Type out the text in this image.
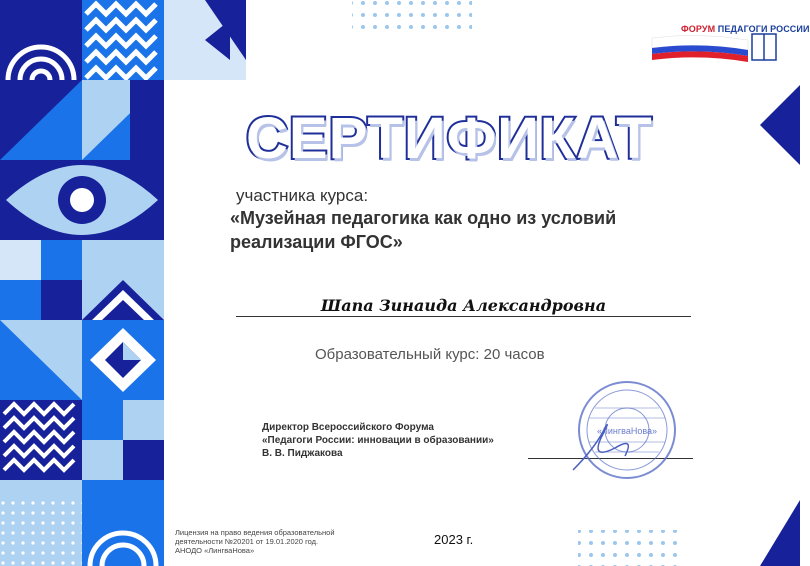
ФОРУМ ПЕДАГОГИ РОССИИ
СЕРТИФИКАТ
участника курса:
«Музейная педагогика как одно из условий
реализации ФГОС»
Шапа Зинаида Александровна
Образовательный курс: 20 часов
Директор Всероссийского Форума
«Педагоги России: инновации в образовании»
В. В. Пиджакова
«ЛингваНова»
Лицензия на право ведения образовательной
деятельности №20201 от 19.01.2020 год.
АНОДО «ЛингваНова»
2023 г.
